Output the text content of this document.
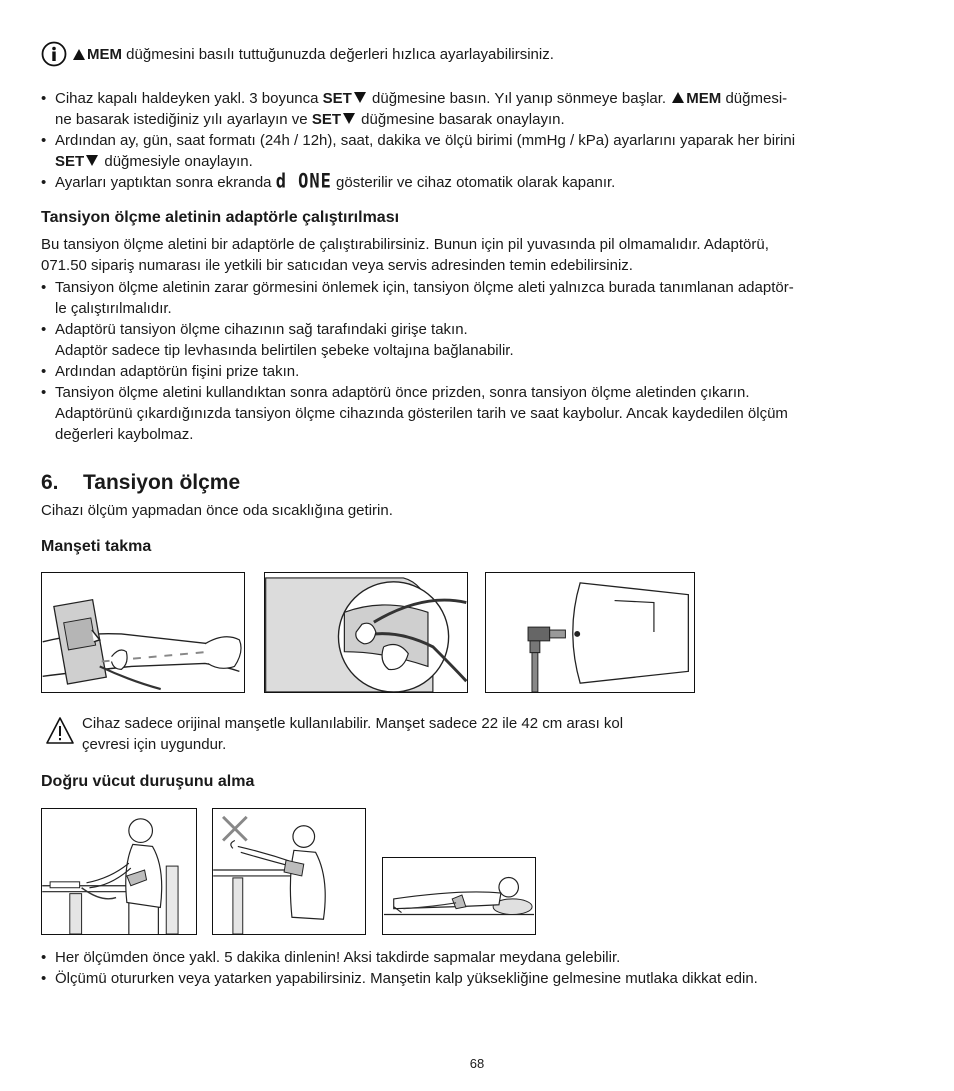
MEM
düğmesini basılı tuttuğunuzda değerleri hızlıca ayarlayabilirsiniz.
• Cihaz kapalı haldeyken yakl. 3 boyunca SET düğmesine basın. Yıl yanıp sönmeye başlar. MEM düğmesi-
ne basarak istediğiniz yılı ayarlayın ve SET düğmesine basarak onaylayın.
• Ardından ay, gün, saat formatı (24h / 12h), saat, dakika ve ölçü birimi (mmHg / kPa) ayarlarını yaparak her birini
SET düğmesiyle onaylayın.
• Ayarları yaptıktan sonra ekranda d ONE gösterilir ve cihaz otomatik olarak kapanır.
Tansiyon ölçme aletinin adaptörle çalıştırılması
Bu tansiyon ölçme aletini bir adaptörle de çalıştırabilirsiniz. Bunun için pil yuvasında pil olmamalıdır. Adaptörü,
071.50 sipariş numarası ile yetkili bir satıcıdan veya servis adresinden temin edebilirsiniz.
• Tansiyon ölçme aletinin zarar görmesini önlemek için, tansiyon ölçme aleti yalnızca burada tanımlanan adaptör-
le çalıştırılmalıdır.
• Adaptörü tansiyon ölçme cihazının sağ tarafındaki girişe takın.
Adaptör sadece tip levhasında belirtilen şebeke voltajına bağlanabilir.
• Ardından adaptörün fişini prize takın.
• Tansiyon ölçme aletini kullandıktan sonra adaptörü önce prizden, sonra tansiyon ölçme aletinden çıkarın.
Adaptörünü çıkardığınızda tansiyon ölçme cihazında gösterilen tarih ve saat kaybolur. Ancak kaydedilen ölçüm
değerleri kaybolmaz.
6.	Tansiyon ölçme
Cihazı ölçüm yapmadan önce oda sıcaklığına getirin.
Manşeti takma
Cihaz sadece orijinal manşetle kullanılabilir. Manşet sadece 22 ile 42 cm arası kol
çevresi için uygundur.
Doğru vücut duruşunu alma
• Her ölçümden önce yakl. 5 dakika dinlenin! Aksi takdirde sapmalar meydana gelebilir.
• Ölçümü otururken veya yatarken yapabilirsiniz. Manşetin kalp yüksekliğine gelmesine mutlaka dikkat edin.
68
